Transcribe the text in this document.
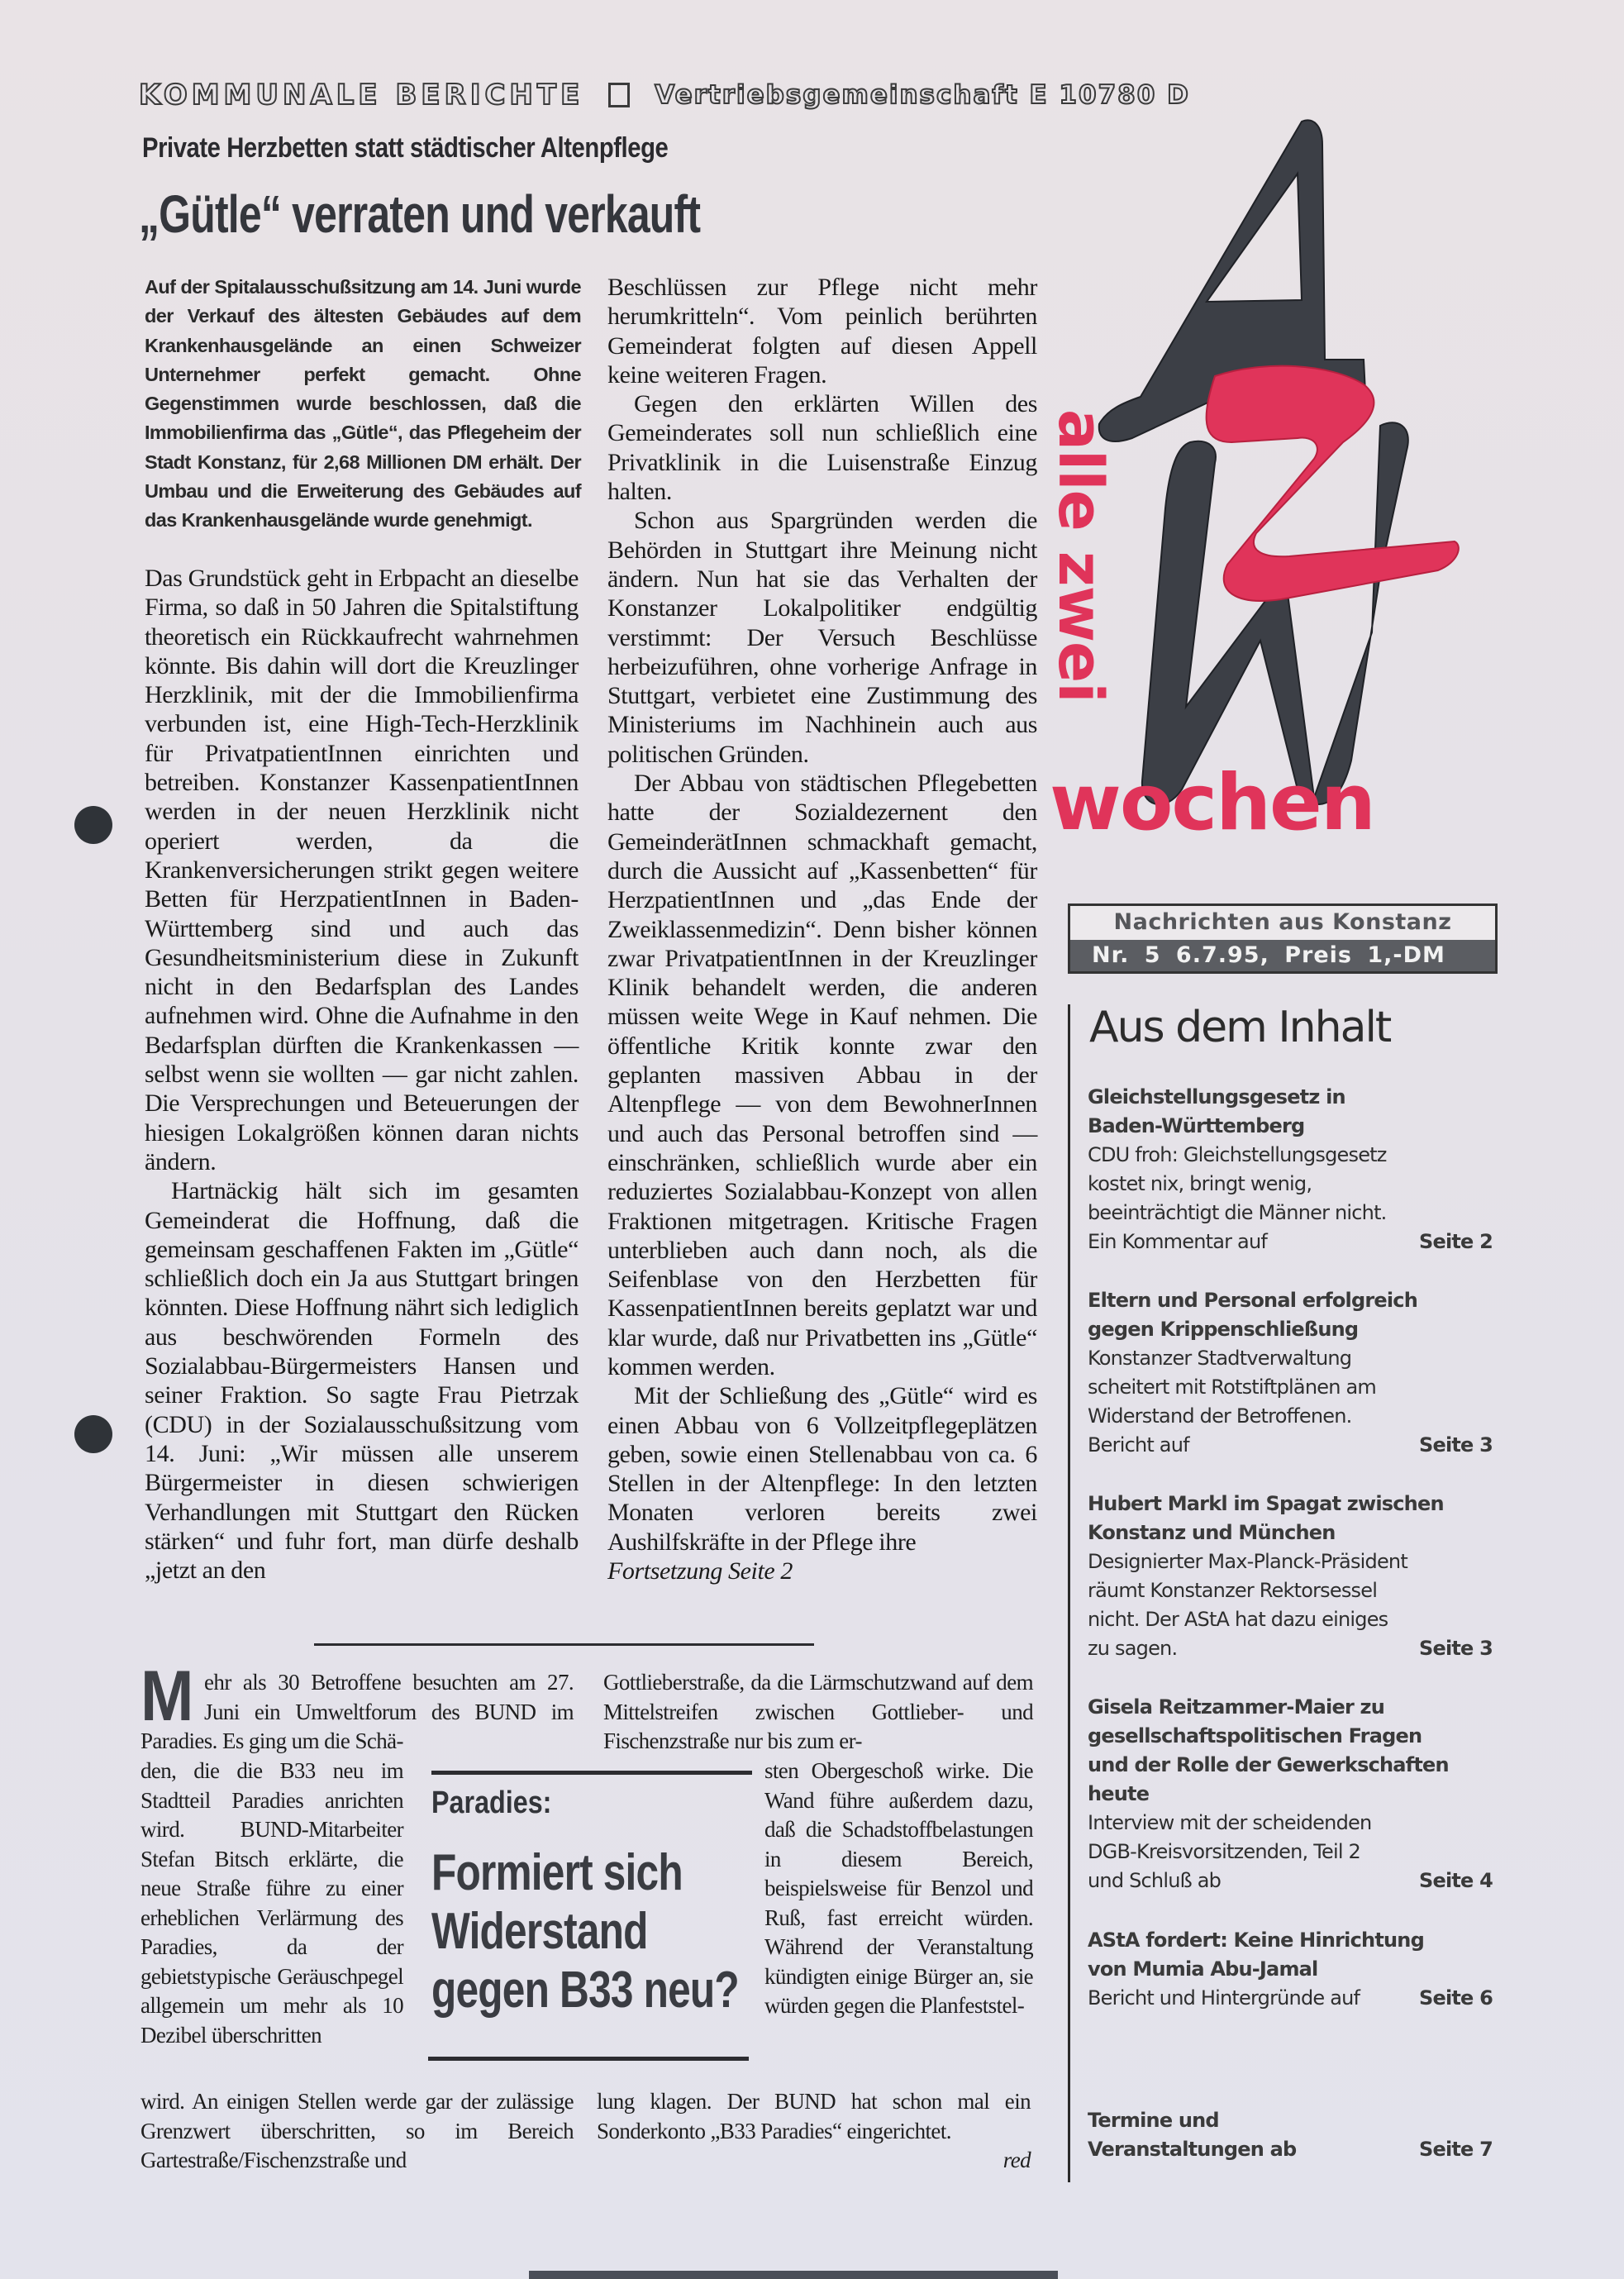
KOMMUNALE BERICHTE	Vertriebsgemeinschaft E 10780 D
Private Herzbetten statt städtischer Altenpflege
„Gütle“ verraten und verkauft
Auf der Spitalausschußsitzung am 14. Juni wurde der Verkauf des ältesten Gebäudes auf dem Krankenhausgelände an einen Schweizer Unternehmer perfekt gemacht. Ohne Gegenstimmen wurde beschlossen, daß die Immobilienfirma das „Gütle“, das Pflegeheim der Stadt Konstanz, für 2,68 Millionen DM erhält. Der Umbau und die Erweiterung des Gebäudes auf das Krankenhausgelände wurde genehmigt.

Das Grundstück geht in Erbpacht an dieselbe Firma, so daß in 50 Jahren die Spitalstiftung theoretisch ein Rückkaufrecht wahrnehmen könnte. Bis dahin will dort die Kreuzlinger Herzklinik, mit der die Immobilienfirma verbunden ist, eine High-Tech-Herzklinik für PrivatpatientInnen einrichten und betreiben. Konstanzer KassenpatientInnen werden in der neuen Herzklinik nicht operiert werden, da die Krankenversicherungen strikt gegen weitere Betten für HerzpatientInnen in Baden-Württemberg sind und auch das Gesundheitsministerium diese in Zukunft nicht in den Bedarfsplan des Landes aufnehmen wird. Ohne die Aufnahme in den Bedarfsplan dürften die Krankenkassen — selbst wenn sie wollten — gar nicht zahlen. Die Versprechungen und Beteuerungen der hiesigen Lokalgrößen können daran nichts ändern.

Hartnäckig hält sich im gesamten Gemeinderat die Hoffnung, daß die gemeinsam geschaffenen Fakten im „Gütle“ schließlich doch ein Ja aus Stuttgart bringen könnten. Diese Hoffnung nährt sich lediglich aus beschwörenden Formeln des Sozialabbau-Bürgermeisters Hansen und seiner Fraktion. So sagte Frau Pietrzak (CDU) in der Sozialausschußsitzung vom 14. Juni: „Wir müssen alle unserem Bürgermeister in diesen schwierigen Verhandlungen mit Stuttgart den Rücken stärken“ und fuhr fort, man dürfe deshalb „jetzt an den

Beschlüssen zur Pflege nicht mehr herumkritteln“. Vom peinlich berührten Gemeinderat folgten auf diesen Appell keine weiteren Fragen.

Gegen den erklärten Willen des Gemeinderates soll nun schließlich eine Privatklinik in die Luisenstraße Einzug halten.

Schon aus Spargründen werden die Behörden in Stuttgart ihre Meinung nicht ändern. Nun hat sie das Verhalten der Konstanzer Lokalpolitiker endgültig verstimmt: Der Versuch Beschlüsse herbeizuführen, ohne vorherige Anfrage in Stuttgart, verbietet eine Zustimmung des Ministeriums im Nachhinein auch aus politischen Gründen.

Der Abbau von städtischen Pflegebetten hatte der Sozialdezernent den GemeinderätInnen schmackhaft gemacht, durch die Aussicht auf „Kassenbetten“ für HerzpatientInnen und „das Ende der Zweiklassenmedizin“. Denn bisher können zwar PrivatpatientInnen in der Kreuzlinger Klinik behandelt werden, die anderen müssen weite Wege in Kauf nehmen. Die öffentliche Kritik konnte zwar den geplanten massiven Abbau in der Altenpflege — von dem BewohnerInnen und auch das Personal betroffen sind — einschränken, schließlich wurde aber ein reduziertes Sozialabbau-Konzept von allen Fraktionen mitgetragen. Kritische Fragen unterblieben auch dann noch, als die Seifenblase von den Herzbetten für KassenpatientInnen bereits geplatzt war und klar wurde, daß nur Privatbetten ins „Gütle“ kommen werden.

Mit der Schließung des „Gütle“ wird es einen Abbau von 6 Vollzeitpflegeplätzen geben, sowie einen Stellenabbau von ca. 6 Stellen in der Altenpflege: In den letzten Monaten verloren bereits zwei Aushilfskräfte in der Pflege ihre

Fortsetzung Seite 2

alle zwei
wochen
Nachrichten aus Konstanz
Nr. 5 6.7.95, Preis 1,-DM
Aus dem Inhalt
Gleichstellungsgesetz in
Baden-Württemberg
CDU froh: Gleichstellungsgesetz
kostet nix, bringt wenig,
beeinträchtigt die Männer nicht.
Ein Kommentar auf	Seite 2
Eltern und Personal erfolgreich
gegen Krippenschließung
Konstanzer Stadtverwaltung
scheitert mit Rotstiftplänen am
Widerstand der Betroffenen.
Bericht auf	Seite 3
Hubert Markl im Spagat zwischen
Konstanz und München
Designierter Max-Planck-Präsident
räumt Konstanzer Rektorsessel
nicht. Der AStA hat dazu einiges
zu sagen.	Seite 3
Gisela Reitzammer-Maier zu
gesellschaftspolitischen Fragen
und der Rolle der Gewerkschaften
heute
Interview mit der scheidenden
DGB-Kreisvorsitzenden, Teil 2
und Schluß ab	Seite 4
AStA fordert: Keine Hinrichtung
von Mumia Abu-Jamal
Bericht und Hintergründe auf	Seite 6
Termine und
Veranstaltungen ab	Seite 7
Mehr als 30 Betroffene besuchten am 27. Juni ein Umweltforum des BUND im Paradies. Es ging um die Schä-
den, die die B33 neu im Stadtteil Paradies anrichten wird. BUND-Mitarbeiter Stefan Bitsch erklärte, die neue Straße führe zu einer erheblichen Verlärmung des Paradies, da der gebietstypische Geräuschpegel allgemein um mehr als 10 Dezibel überschritten
wird. An einigen Stellen werde gar der zulässige Grenzwert überschritten, so im Bereich Gartestraße/Fischenzstraße und
Paradies:
Formiert sich
Widerstand
gegen B33 neu?
Gottlieberstraße, da die Lärmschutzwand auf dem Mittelstreifen zwischen Gottlieber- und Fischenzstraße nur bis zum er-
sten Obergeschoß wirke. Die Wand führe außerdem dazu, daß die Schadstoffbelastungen in diesem Bereich, beispielsweise für Benzol und Ruß, fast erreicht würden. Während der Veranstaltung kündigten einige Bürger an, sie würden gegen die Planfeststel-
lung klagen. Der BUND hat schon mal ein Sonderkonto „B33 Paradies“ eingerichtet.
red
